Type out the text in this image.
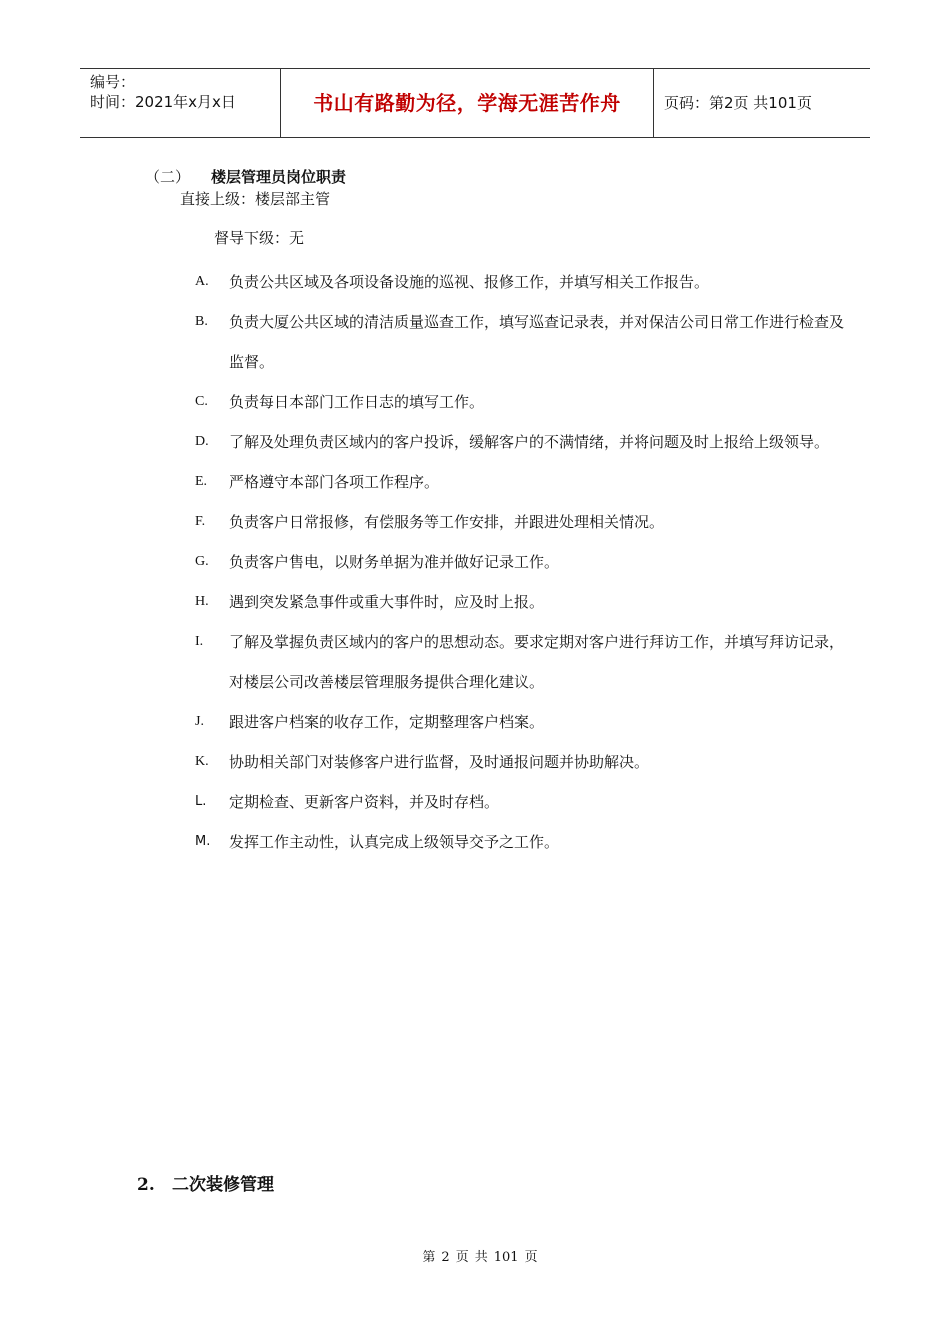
编号：
时间：2021年x月x日	书山有路勤为径，学海无涯苦作舟	页码：第2页 共101页
（二） 楼层管理员岗位职责
直接上级：楼层部主管
督导下级：无
A.	负责公共区域及各项设备设施的巡视、报修工作，并填写相关工作报告。
B.	负责大厦公共区域的清洁质量巡查工作，填写巡查记录表，并对保洁公司日常工作进行检查及监督。
C.	负责每日本部门工作日志的填写工作。
D.	了解及处理负责区域内的客户投诉，缓解客户的不满情绪，并将问题及时上报给上级领导。
E.	严格遵守本部门各项工作程序。
F.	负责客户日常报修，有偿服务等工作安排，并跟进处理相关情况。
G.	负责客户售电，以财务单据为准并做好记录工作。
H.	遇到突发紧急事件或重大事件时，应及时上报。
I.	了解及掌握负责区域内的客户的思想动态。要求定期对客户进行拜访工作，并填写拜访记录，对楼层公司改善楼层管理服务提供合理化建议。
J.	跟进客户档案的收存工作，定期整理客户档案。
K.	协助相关部门对装修客户进行监督，及时通报问题并协助解决。
L.	定期检查、更新客户资料，并及时存档。
M.	发挥工作主动性，认真完成上级领导交予之工作。
2. 二次装修管理
第 2 页 共 101 页
